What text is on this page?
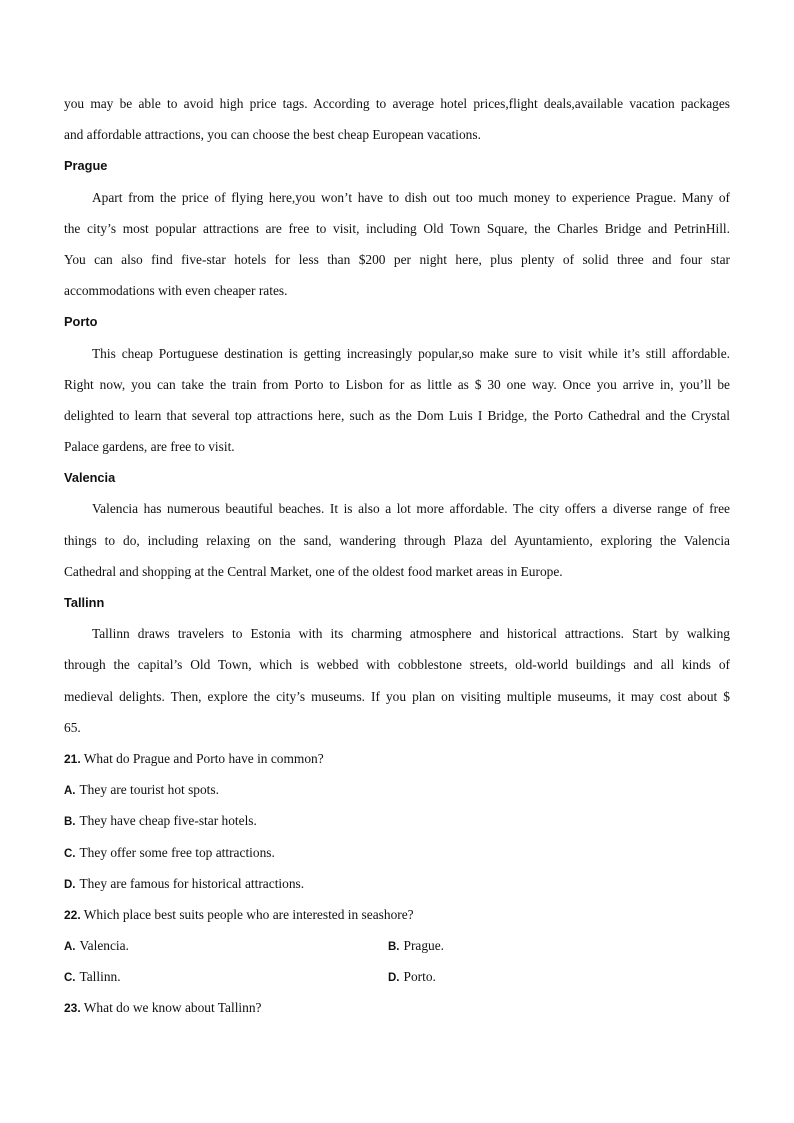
you may be able to avoid high price tags. According to average hotel prices,flight deals,available vacation packages
and affordable attractions, you can choose the best cheap European vacations.
Prague
Apart from the price of flying here,you won’t have to dish out too much money to experience Prague. Many of
the city’s most popular attractions are free to visit, including Old Town Square, the Charles Bridge and PetrinHill.
You can also find five-star hotels for less than $200 per night here, plus plenty of solid three and four star
accommodations with even cheaper rates.
Porto
This cheap Portuguese destination is getting increasingly popular,so make sure to visit while it’s still affordable.
Right now, you can take the train from Porto to Lisbon for as little as $ 30 one way. Once you arrive in, you’ll be
delighted to learn that several top attractions here, such as the Dom Luis I Bridge, the Porto Cathedral and the Crystal
Palace gardens, are free to visit.
Valencia
Valencia has numerous beautiful beaches. It is also a lot more affordable. The city offers a diverse range of free
things to do, including relaxing on the sand, wandering through Plaza del Ayuntamiento, exploring the Valencia
Cathedral and shopping at the Central Market, one of the oldest food market areas in Europe.
Tallinn
Tallinn draws travelers to Estonia with its charming atmosphere and historical attractions. Start by walking
through the capital’s Old Town, which is webbed with cobblestone streets, old-world buildings and all kinds of
medieval delights. Then, explore the city’s museums. If you plan on visiting multiple museums, it may cost about $
65.
21. What do Prague and Porto have in common?
A. They are tourist hot spots.
B. They have cheap five-star hotels.
C. They offer some free top attractions.
D. They are famous for historical attractions.
22. Which place best suits people who are interested in seashore?
A. Valencia.	B. Prague.
C. Tallinn.	D. Porto.
23. What do we know about Tallinn?
